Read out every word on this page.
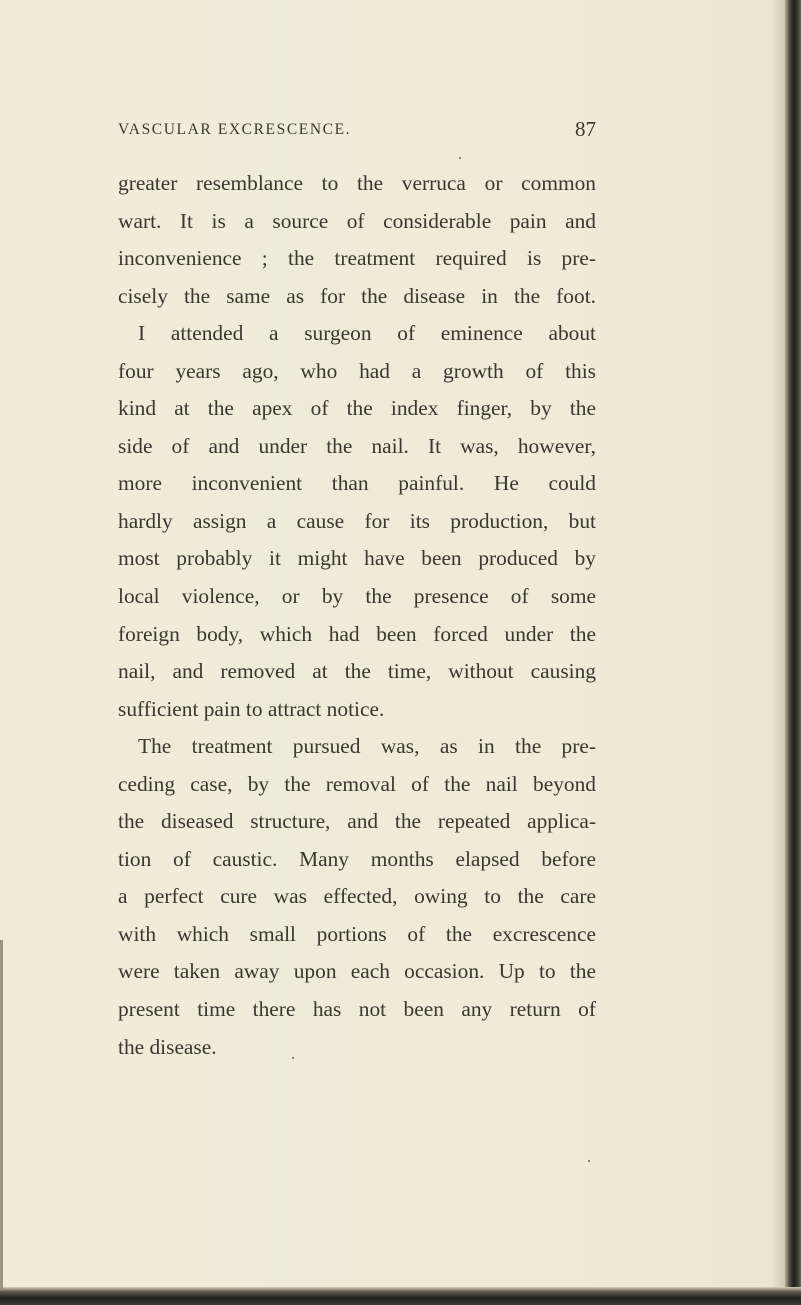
VASCULAR EXCRESCENCE.	87
greater resemblance to the verruca or common
wart. It is a source of considerable pain and
inconvenience ; the treatment required is pre-
cisely the same as for the disease in the foot.
I attended a surgeon of eminence about
four years ago, who had a growth of this
kind at the apex of the index finger, by the
side of and under the nail. It was, however,
more inconvenient than painful. He could
hardly assign a cause for its production, but
most probably it might have been produced by
local violence, or by the presence of some
foreign body, which had been forced under the
nail, and removed at the time, without causing
sufficient pain to attract notice.
The treatment pursued was, as in the pre-
ceding case, by the removal of the nail beyond
the diseased structure, and the repeated applica-
tion of caustic. Many months elapsed before
a perfect cure was effected, owing to the care
with which small portions of the excrescence
were taken away upon each occasion. Up to the
present time there has not been any return of
the disease.
